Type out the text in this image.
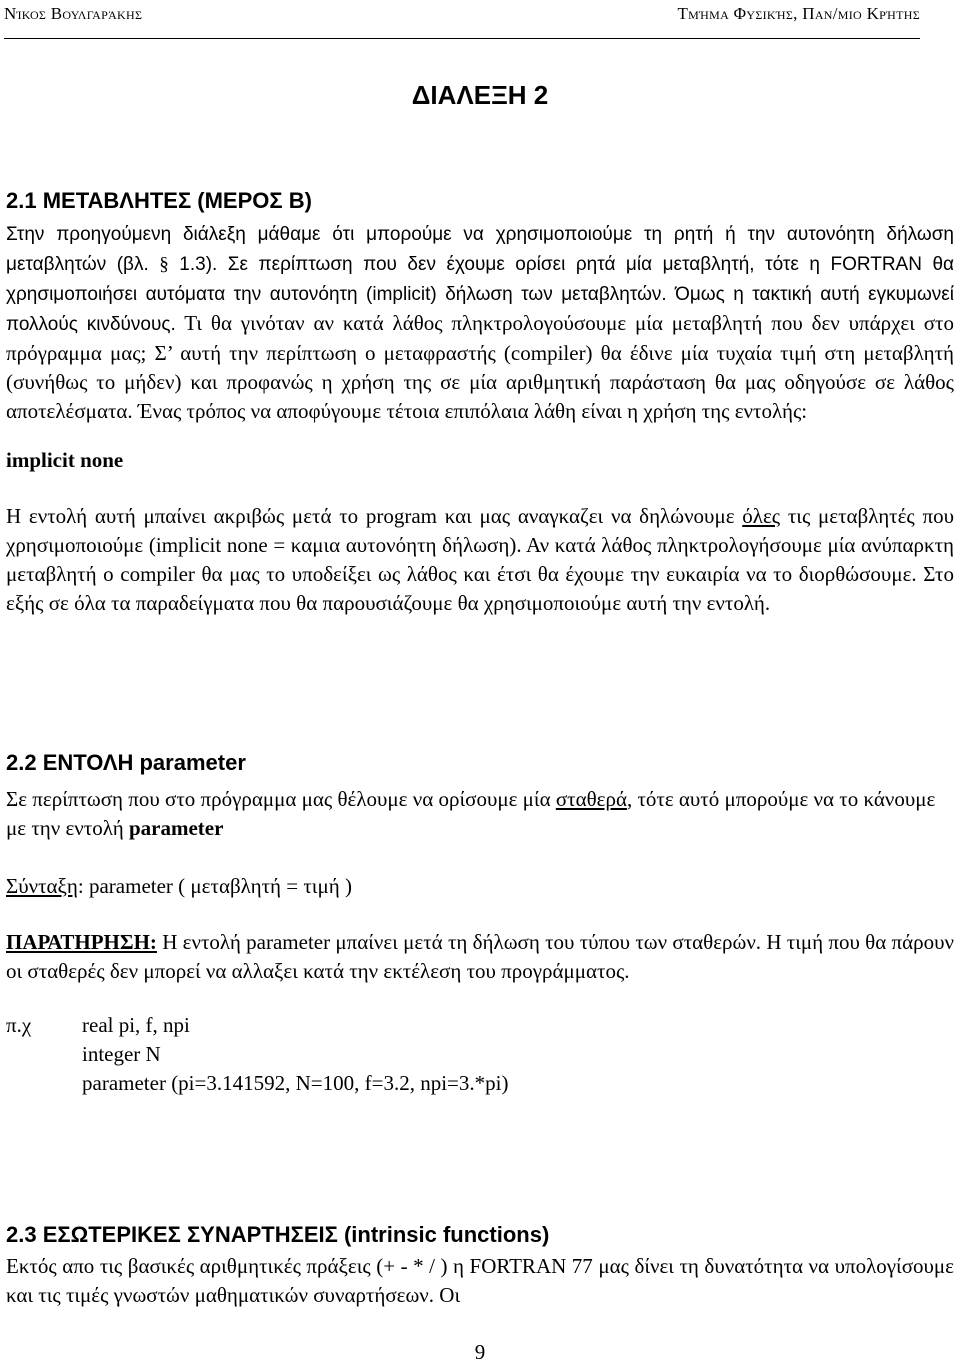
Νίκος Βουλγαράκης	Τμήμα Φυσικής, Παν/μιο Κρήτης
ΔΙΑΛΕΞΗ 2
2.1 ΜΕΤΑΒΛΗΤΕΣ (ΜΕΡΟΣ Β)
Στην προηγούμενη διάλεξη μάθαμε ότι μπορούμε να χρησιμοποιούμε τη ρητή ή την αυτονόητη δήλωση μεταβλητών (βλ. § 1.3). Σε περίπτωση που δεν έχουμε ορίσει ρητά μία μεταβλητή, τότε η FORTRAN θα χρησιμοποιήσει αυτόματα την αυτονόητη (implicit) δήλωση των μεταβλητών. Όμως η τακτική αυτή εγκυμωνεί πολλούς κινδύνους. Τι θα γινόταν αν κατά λάθος πληκτρολογούσουμε μία μεταβλητή που δεν υπάρχει στο πρόγραμμα μας; Σ’ αυτή την περίπτωση ο μεταφραστής (compiler) θα έδινε μία τυχαία τιμή στη μεταβλητή (συνήθως το μήδεν) και προφανώς η χρήση της σε μία αριθμητική παράσταση θα μας οδηγούσε σε λάθος αποτελέσματα. Ένας τρόπος να αποφύγουμε τέτοια επιπόλαια λάθη είναι η χρήση της εντολής:
implicit none
Η εντολή αυτή μπαίνει ακριβώς μετά το program και μας αναγκαζει να δηλώνουμε όλες τις μεταβλητές που χρησιμοποιούμε (implicit none = καμια αυτονόητη δήλωση). Αν κατά λάθος πληκτρολογήσουμε μία ανύπαρκτη μεταβλητή ο compiler θα μας το υποδείξει ως λάθος και έτσι θα έχουμε την ευκαιρία να το διορθώσουμε. Στο εξής σε όλα τα παραδείγματα που θα παρουσιάζουμε θα χρησιμοποιούμε αυτή την εντολή.
2.2 ΕΝΤΟΛΗ parameter
Σε περίπτωση που στο πρόγραμμα μας θέλουμε να ορίσουμε μία σταθερά, τότε αυτό μπορούμε να το κάνουμε με την εντολή parameter
Σύνταξη: parameter ( μεταβλητή = τιμή )
ΠΑΡΑΤΗΡΗΣΗ: Η εντολή parameter μπαίνει μετά τη δήλωση του τύπου των σταθερών. Η τιμή που θα πάρουν οι σταθερές δεν μπορεί να αλλαξει κατά την εκτέλεση του προγράμματος.
π.χ	real pi, f, npi
integer N
parameter (pi=3.141592, N=100, f=3.2, npi=3.*pi)
2.3 ΕΣΩΤΕΡΙΚΕΣ ΣΥΝΑΡΤΗΣΕΙΣ (intrinsic functions)
Εκτός απο τις βασικές αριθμητικές πράξεις (+ - * / ) η FORTRAN 77 μας δίνει τη δυνατότητα να υπολογίσουμε και τις τιμές γνωστών μαθηματικών συναρτήσεων. Οι
9
